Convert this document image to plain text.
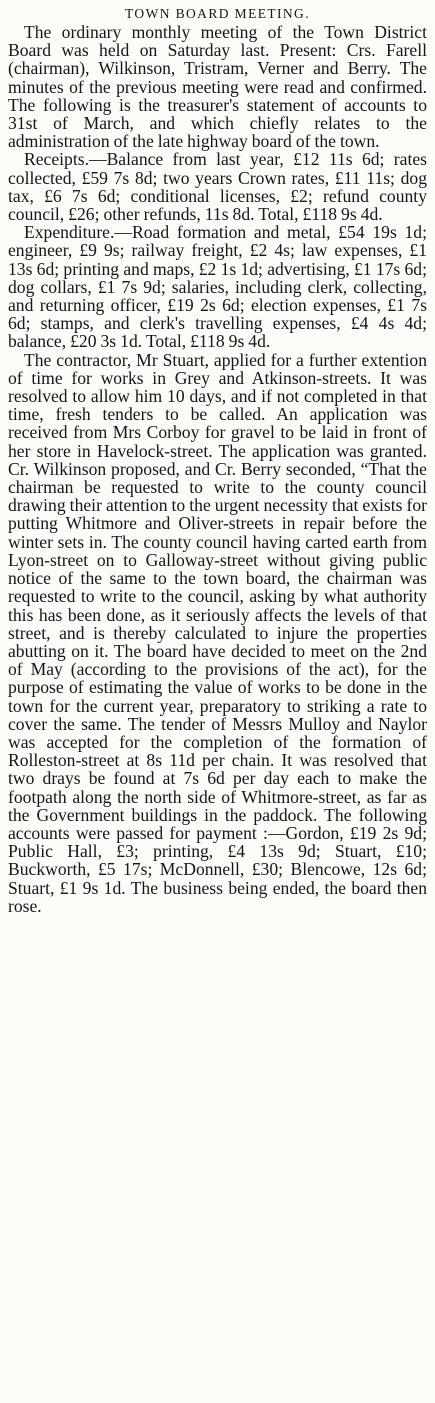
TOWN BOARD MEETING.

The ordinary monthly meeting of the Town District Board was held on Saturday last. Present: Crs. Farell (chairman), Wilkinson, Tristram, Verner and Berry. The minutes of the previous meeting were read and confirmed. The following is the treasurer's statement of accounts to 31st of March, and which chiefly relates to the administration of the late highway board of the town.

Receipts.—Balance from last year, £12 11s 6d; rates collected, £59 7s 8d; two years Crown rates, £11 11s; dog tax, £6 7s 6d; conditional licenses, £2; refund county council, £26; other refunds, 11s 8d. Total, £118 9s 4d.

Expenditure.—Road formation and metal, £54 19s 1d; engineer, £9 9s; railway freight, £2 4s; law expenses, £1 13s 6d; printing and maps, £2 1s 1d; advertising, £1 17s 6d; dog collars, £1 7s 9d; salaries, including clerk, collecting, and returning officer, £19 2s 6d; election expenses, £1 7s 6d; stamps, and clerk's travelling expenses, £4 4s 4d; balance, £20 3s 1d. Total, £118 9s 4d.

The contractor, Mr Stuart, applied for a further extention of time for works in Grey and Atkinson-streets. It was resolved to allow him 10 days, and if not completed in that time, fresh tenders to be called. An application was received from Mrs Corboy for gravel to be laid in front of her store in Havelock-street. The application was granted. Cr. Wilkinson proposed, and Cr. Berry seconded, “That the chairman be requested to write to the county council drawing their attention to the urgent necessity that exists for putting Whitmore and Oliver-streets in repair before the winter sets in. The county council having carted earth from Lyon-street on to Galloway-street without giving public notice of the same to the town board, the chairman was requested to write to the council, asking by what authority this has been done, as it seriously affects the levels of that street, and is thereby calculated to injure the properties abutting on it. The board have decided to meet on the 2nd of May (according to the provisions of the act), for the purpose of estimating the value of works to be done in the town for the current year, preparatory to striking a rate to cover the same. The tender of Messrs Mulloy and Naylor was accepted for the completion of the formation of Rolleston-street at 8s 11d per chain. It was resolved that two drays be found at 7s 6d per day each to make the footpath along the north side of Whitmore-street, as far as the Government buildings in the paddock. The following accounts were passed for payment :—Gordon, £19 2s 9d; Public Hall, £3; printing, £4 13s 9d; Stuart, £10; Buckworth, £5 17s; McDonnell, £30; Blencowe, 12s 6d; Stuart, £1 9s 1d. The business being ended, the board then rose.
